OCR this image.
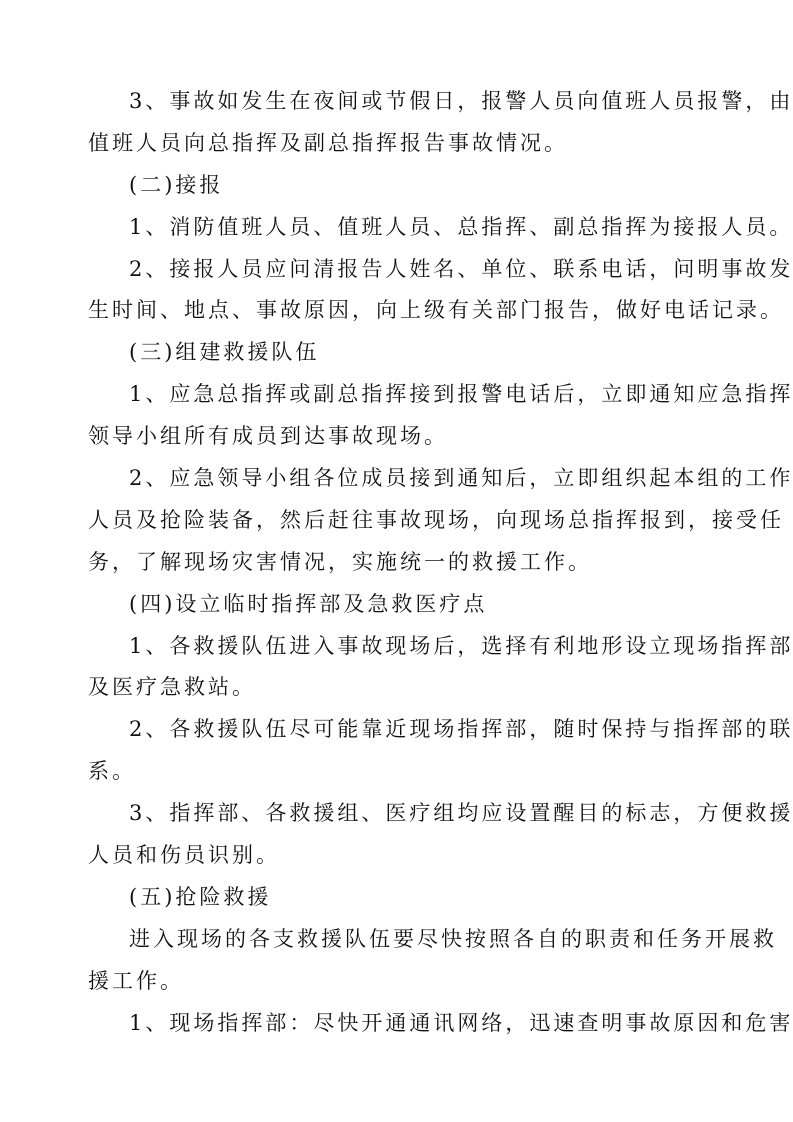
3、事故如发生在夜间或节假日，报警人员向值班人员报警，由
值班人员向总指挥及副总指挥报告事故情况。
(二)接报
1、消防值班人员、值班人员、总指挥、副总指挥为接报人员。
2、接报人员应问清报告人姓名、单位、联系电话，问明事故发
生时间、地点、事故原因，向上级有关部门报告，做好电话记录。
(三)组建救援队伍
1、应急总指挥或副总指挥接到报警电话后，立即通知应急指挥
领导小组所有成员到达事故现场。
2、应急领导小组各位成员接到通知后，立即组织起本组的工作
人员及抢险装备，然后赶往事故现场，向现场总指挥报到，接受任
务，了解现场灾害情况，实施统一的救援工作。
(四)设立临时指挥部及急救医疗点
1、各救援队伍进入事故现场后，选择有利地形设立现场指挥部
及医疗急救站。
2、各救援队伍尽可能靠近现场指挥部，随时保持与指挥部的联
系。
3、指挥部、各救援组、医疗组均应设置醒目的标志，方便救援
人员和伤员识别。
(五)抢险救援
进入现场的各支救援队伍要尽快按照各自的职责和任务开展救
援工作。
1、现场指挥部：尽快开通通讯网络，迅速查明事故原因和危害
